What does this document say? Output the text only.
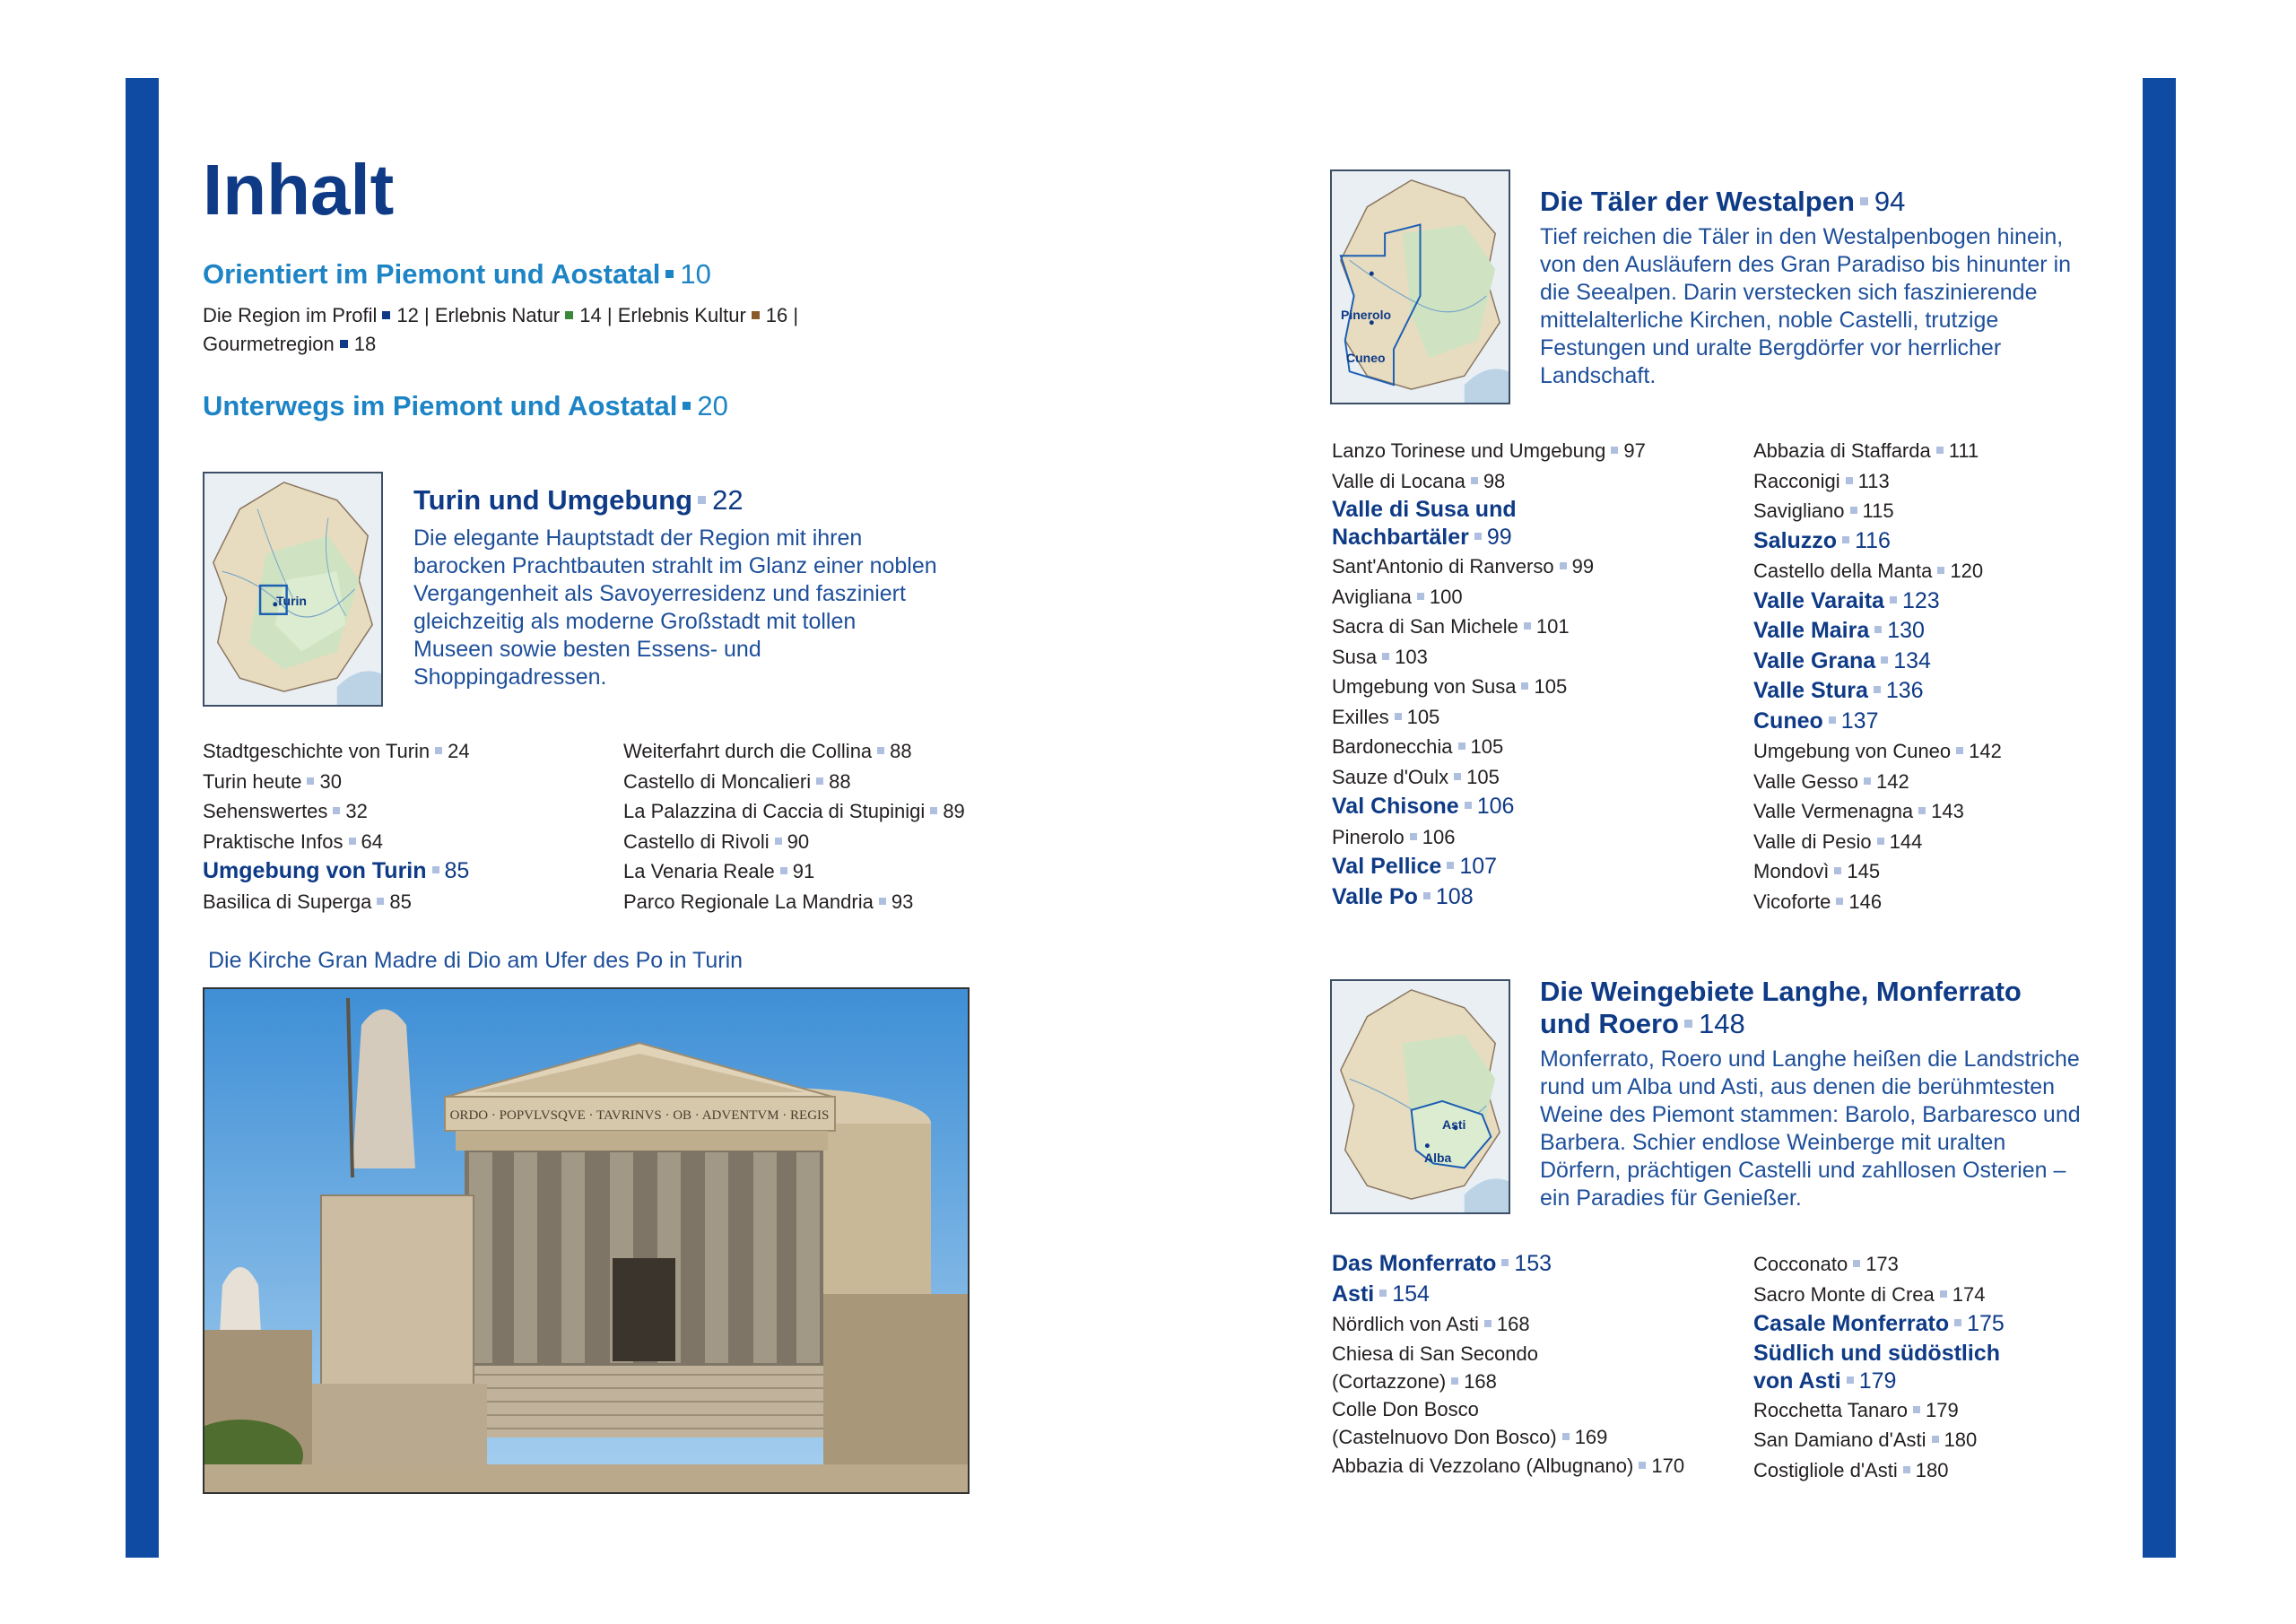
Inhalt
Orientiert im Piemont und Aostatal 10
Die Region im Profil 12 | Erlebnis Natur 14 | Erlebnis Kultur 16 |
Gourmetregion 18
Unterwegs im Piemont und Aostatal 20
Turin
Turin und Umgebung 22
Die elegante Hauptstadt der Region mit ihren barocken Prachtbauten strahlt im Glanz einer noblen Vergangenheit als Savoyerresidenz und fasziniert gleichzeitig als moderne Großstadt mit tollen Museen sowie besten Essens- und Shoppingadressen.
Stadtgeschichte von Turin 24
Turin heute 30
Sehenswertes 32
Praktische Infos 64
Umgebung von Turin 85
Basilica di Superga 85
Weiterfahrt durch die Collina 88
Castello di Moncalieri 88
La Palazzina di Caccia di Stupinigi 89
Castello di Rivoli 90
La Venaria Reale 91
Parco Regionale La Mandria 93
Die Kirche Gran Madre di Dio am Ufer des Po in Turin
ORDO · POPVLVSQVE · TAVRINVS · OB · ADVENTVM · REGIS
Pinerolo
Cuneo
Die Täler der Westalpen 94
Tief reichen die Täler in den Westalpenbogen hinein, von den Ausläufern des Gran Paradiso bis hinunter in die Seealpen. Darin verstecken sich faszinierende mittelalterliche Kirchen, noble Castelli, trutzige Festungen und uralte Bergdörfer vor herrlicher Landschaft.
Lanzo Torinese und Umgebung 97
Valle di Locana 98
Valle di Susa und
Nachbartäler 99
Sant'Antonio di Ranverso 99
Avigliana 100
Sacra di San Michele 101
Susa 103
Umgebung von Susa 105
Exilles 105
Bardonecchia 105
Sauze d'Oulx 105
Val Chisone 106
Pinerolo 106
Val Pellice 107
Valle Po 108
Abbazia di Staffarda 111
Racconigi 113
Savigliano 115
Saluzzo 116
Castello della Manta 120
Valle Varaita 123
Valle Maira 130
Valle Grana 134
Valle Stura 136
Cuneo 137
Umgebung von Cuneo 142
Valle Gesso 142
Valle Vermenagna 143
Valle di Pesio 144
Mondovì 145
Vicoforte 146
Asti
Alba
Die Weingebiete Langhe, Monferrato
und Roero 148
Monferrato, Roero und Langhe heißen die Landstriche rund um Alba und Asti, aus denen die berühmtesten Weine des Piemont stammen: Barolo, Barbaresco und Barbera. Schier endlose Weinberge mit uralten Dörfern, prächtigen Castelli und zahllosen Osterien – ein Paradies für Genießer.
Das Monferrato 153
Asti 154
Nördlich von Asti 168
Chiesa di San Secondo
(Cortazzone) 168
Colle Don Bosco
(Castelnuovo Don Bosco) 169
Abbazia di Vezzolano (Albugnano) 170
Cocconato 173
Sacro Monte di Crea 174
Casale Monferrato 175
Südlich und südöstlich
von Asti 179
Rocchetta Tanaro 179
San Damiano d'Asti 180
Costigliole d'Asti 180
